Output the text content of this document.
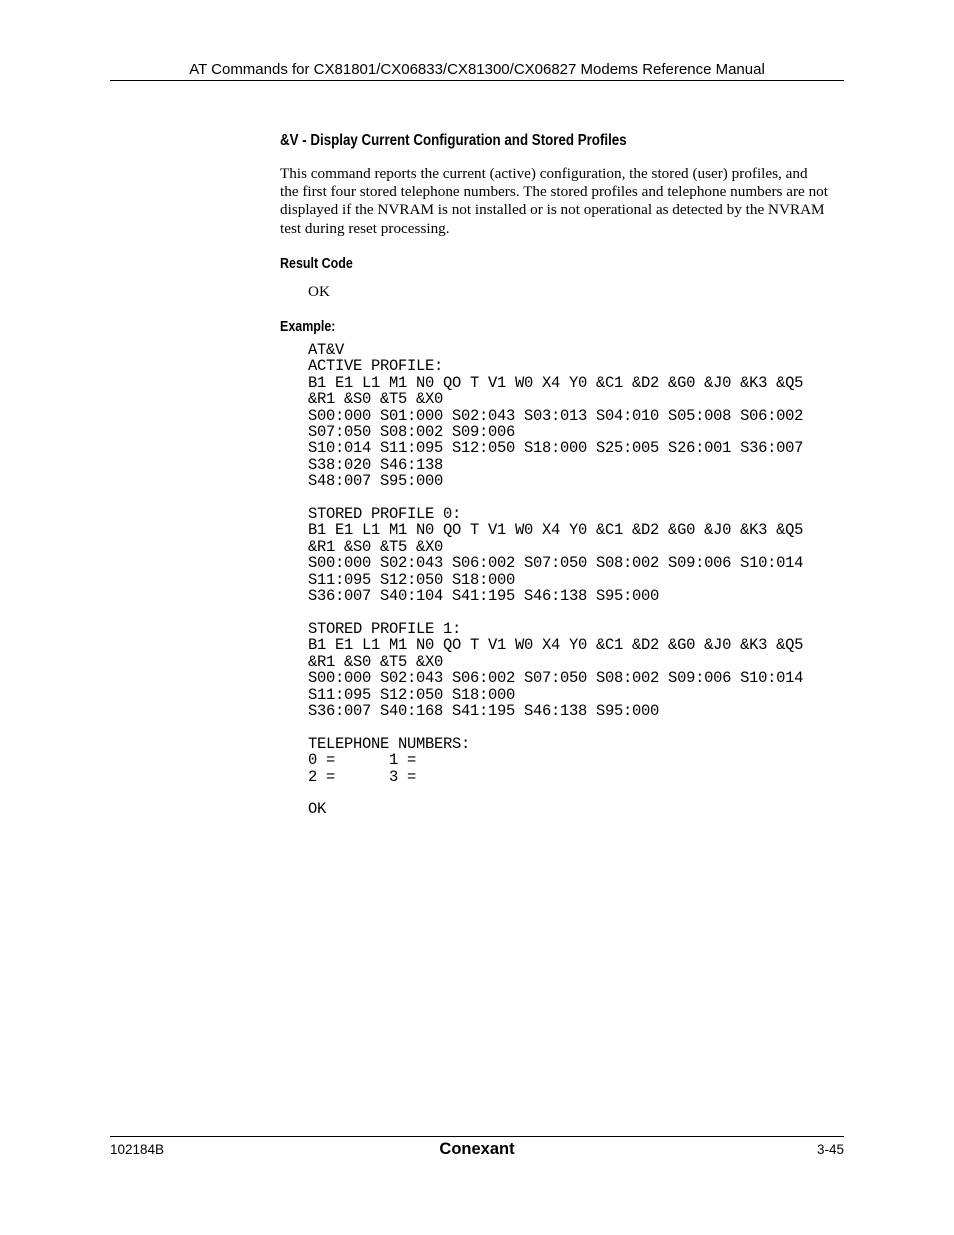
AT Commands for CX81801/CX06833/CX81300/CX06827 Modems Reference Manual
&V - Display Current Configuration and Stored Profiles

This command reports the current (active) configuration, the stored (user) profiles, and the first four stored telephone numbers. The stored profiles and telephone numbers are not displayed if the NVRAM is not installed or is not operational as detected by the NVRAM test during reset processing.

Result Code
OK
Example:
AT&V
ACTIVE PROFILE:
B1 E1 L1 M1 N0 QO T V1 W0 X4 Y0 &C1 &D2 &G0 &J0 &K3 &Q5
&R1 &S0 &T5 &X0
S00:000 S01:000 S02:043 S03:013 S04:010 S05:008 S06:002
S07:050 S08:002 S09:006
S10:014 S11:095 S12:050 S18:000 S25:005 S26:001 S36:007
S38:020 S46:138
S48:007 S95:000

STORED PROFILE 0:
B1 E1 L1 M1 N0 QO T V1 W0 X4 Y0 &C1 &D2 &G0 &J0 &K3 &Q5
&R1 &S0 &T5 &X0
S00:000 S02:043 S06:002 S07:050 S08:002 S09:006 S10:014
S11:095 S12:050 S18:000
S36:007 S40:104 S41:195 S46:138 S95:000

STORED PROFILE 1:
B1 E1 L1 M1 N0 QO T V1 W0 X4 Y0 &C1 &D2 &G0 &J0 &K3 &Q5
&R1 &S0 &T5 &X0
S00:000 S02:043 S06:002 S07:050 S08:002 S09:006 S10:014
S11:095 S12:050 S18:000
S36:007 S40:168 S41:195 S46:138 S95:000

TELEPHONE NUMBERS:
0 =      1 =
2 =      3 =

OK
102184B	Conexant	3-45
